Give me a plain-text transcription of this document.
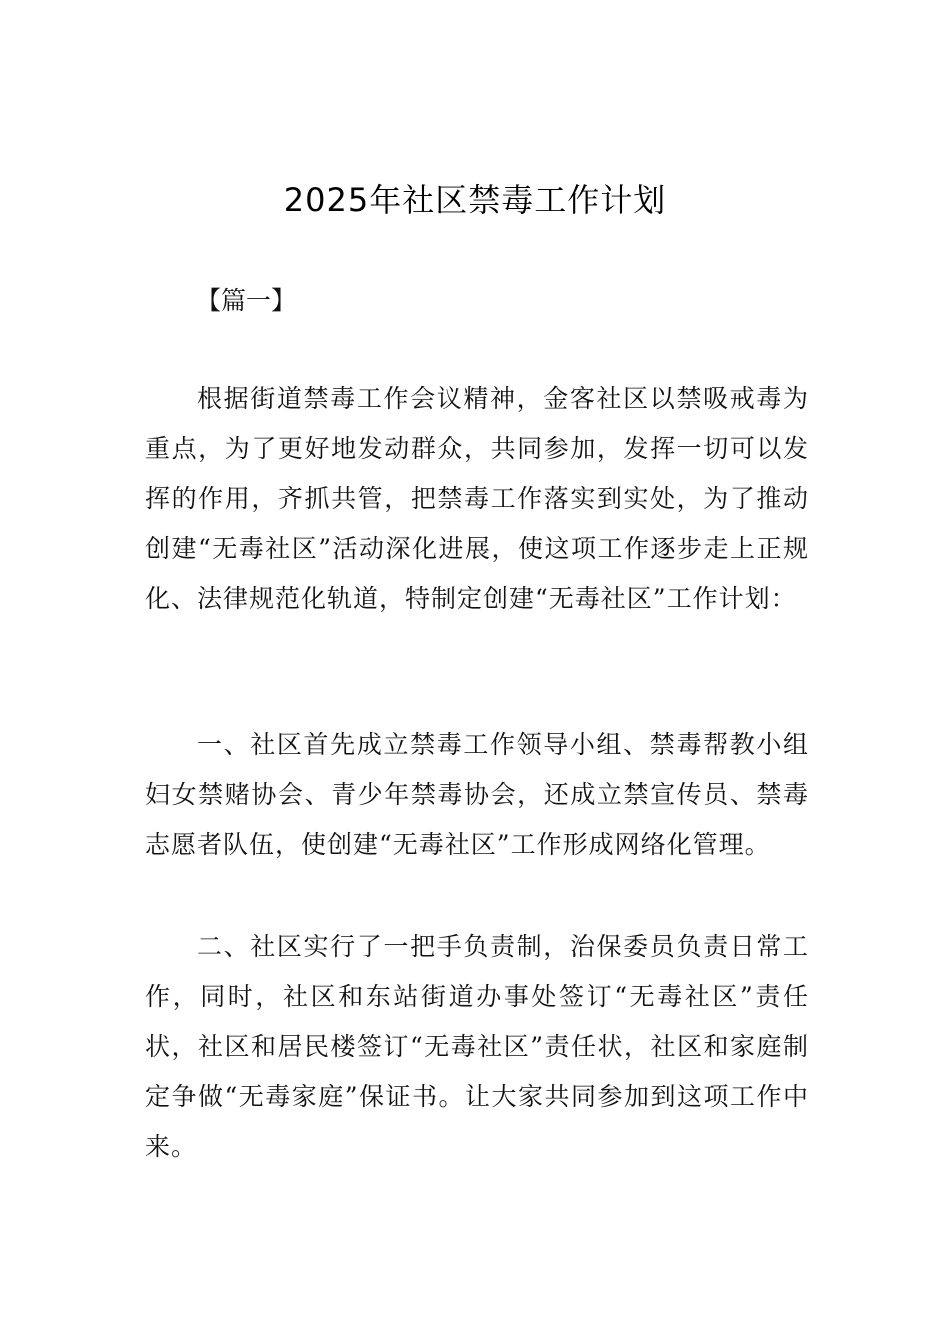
2025年社区禁毒工作计划
【篇一】

根据街道禁毒工作会议精神，金客社区以禁吸戒毒为重点，为了更好地发动群众，共同参加，发挥一切可以发挥的作用，齐抓共管，把禁毒工作落实到实处，为了推动创建“无毒社区”活动深化进展，使这项工作逐步走上正规化、法律规范化轨道，特制定创建“无毒社区”工作计划：

一、社区首先成立禁毒工作领导小组、禁毒帮教小组妇女禁赌协会、青少年禁毒协会，还成立禁宣传员、禁毒志愿者队伍，使创建“无毒社区”工作形成网络化管理。

二、社区实行了一把手负责制，治保委员负责日常工作，同时，社区和东站街道办事处签订“无毒社区”责任状，社区和居民楼签订“无毒社区”责任状，社区和家庭制定争做“无毒家庭”保证书。让大家共同参加到这项工作中来。
